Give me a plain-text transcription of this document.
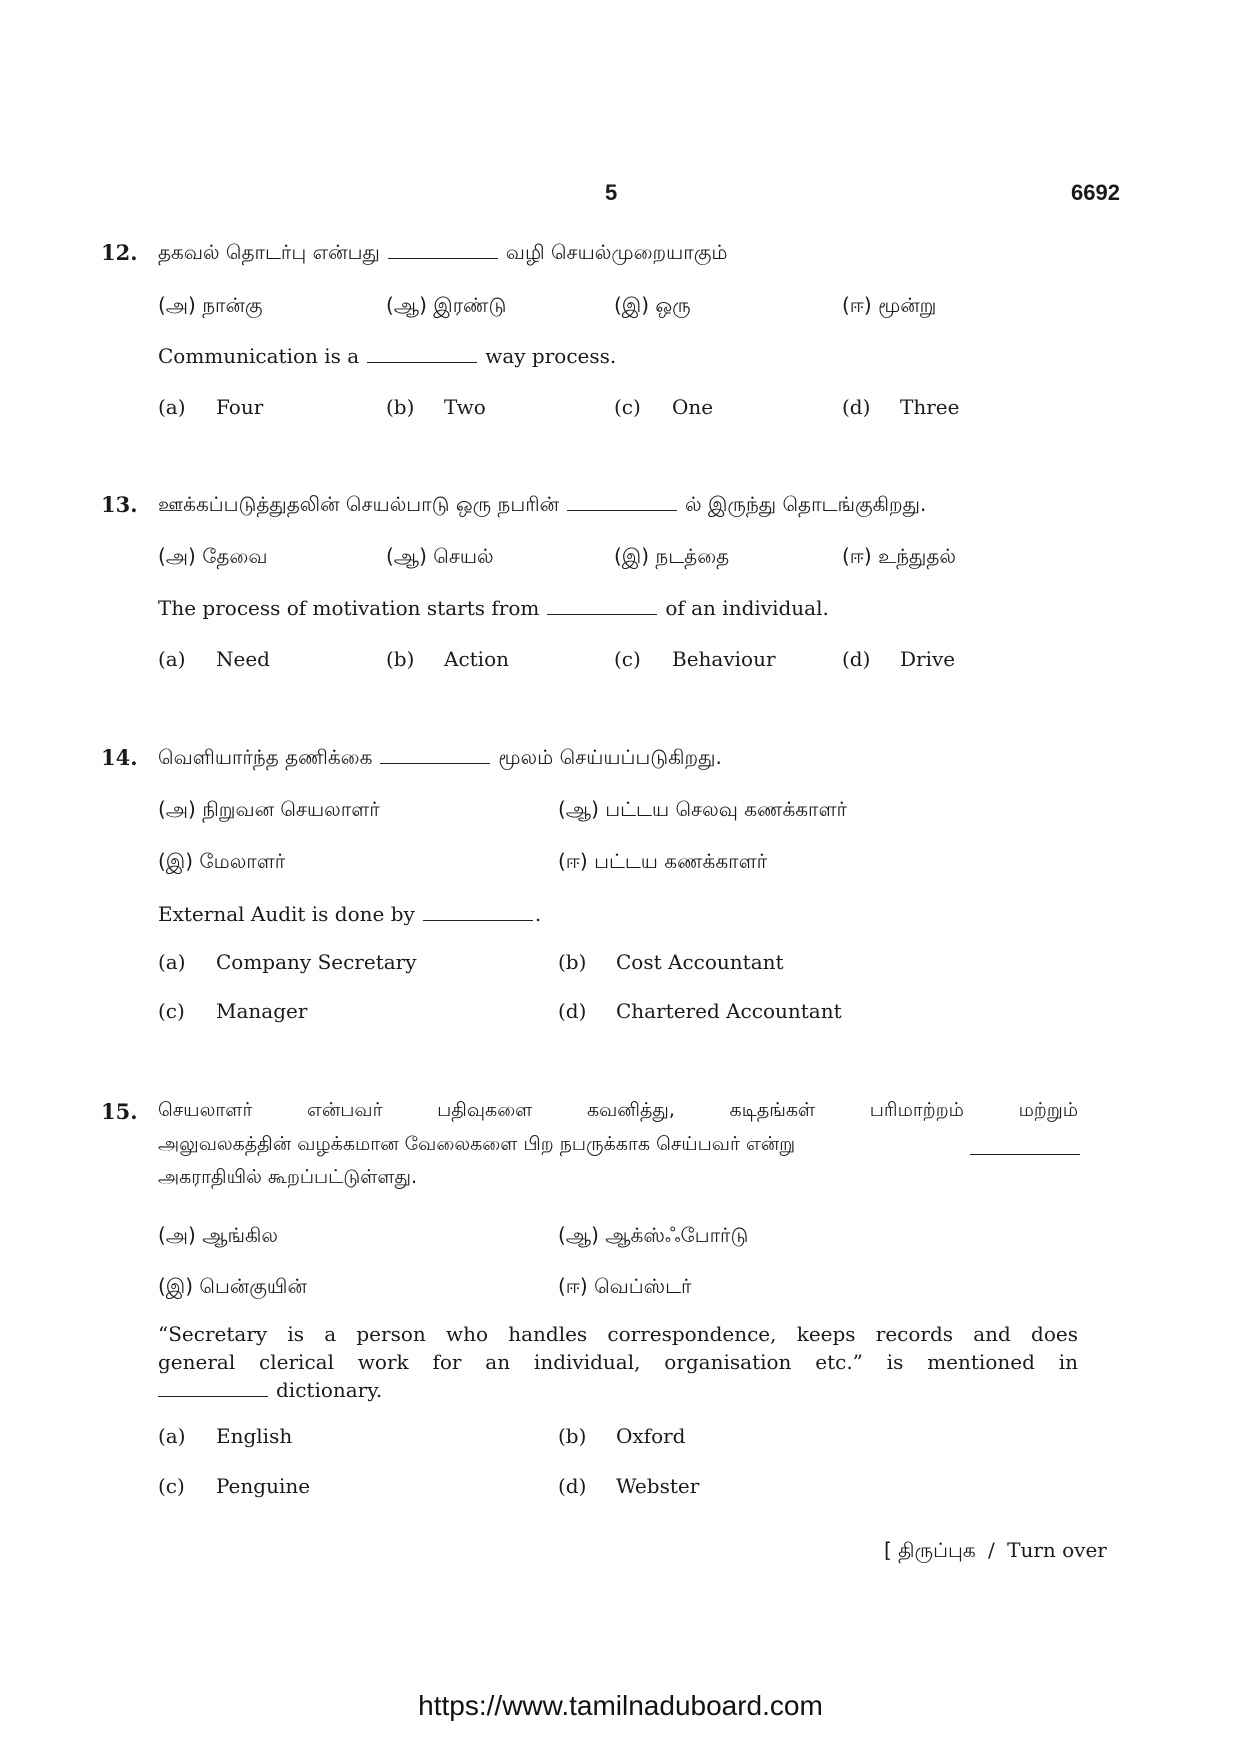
5	6692
12. தகவல் தொடர்பு என்பது	வழி செயல்முறையாகும்
(அ) நான்கு	(ஆ) இரண்டு	(இ) ஒரு	(ஈ) மூன்று
Communication is a	way process.
(a) Four	(b) Two	(c) One	(d) Three
13. ஊக்கப்படுத்துதலின் செயல்பாடு ஒரு நபரின்	ல் இருந்து தொடங்குகிறது.
(அ) தேவை	(ஆ) செயல்	(இ) நடத்தை	(ஈ) உந்துதல்
The process of motivation starts from	of an individual.
(a) Need	(b) Action	(c) Behaviour	(d) Drive
14. வெளியார்ந்த தணிக்கை	மூலம் செய்யப்படுகிறது.
(அ) நிறுவன செயலாளர்	(ஆ) பட்டய செலவு கணக்காளர்
(இ) மேலாளர்	(ஈ) பட்டய கணக்காளர்
External Audit is done by	.
(a) Company Secretary	(b) Cost Accountant
(c) Manager	(d) Chartered Accountant
15. செயலாளர் என்பவர் பதிவுகளை கவனித்து, கடிதங்கள் பரிமாற்றம் மற்றும்
அலுவலகத்தின் வழக்கமான வேலைகளை பிற நபருக்காக செய்பவர் என்று
அகராதியில் கூறப்பட்டுள்ளது.
(அ) ஆங்கில	(ஆ) ஆக்ஸ்ஃபோர்டு
(இ) பென்குயின்	(ஈ) வெப்ஸ்டர்
“Secretary is a person who handles correspondence, keeps records and does
general clerical work for an individual, organisation etc.” is mentioned in
dictionary.
(a) English	(b) Oxford
(c) Penguine	(d) Webster
[ திருப்புக / Turn over
https://www.tamilnaduboard.com
